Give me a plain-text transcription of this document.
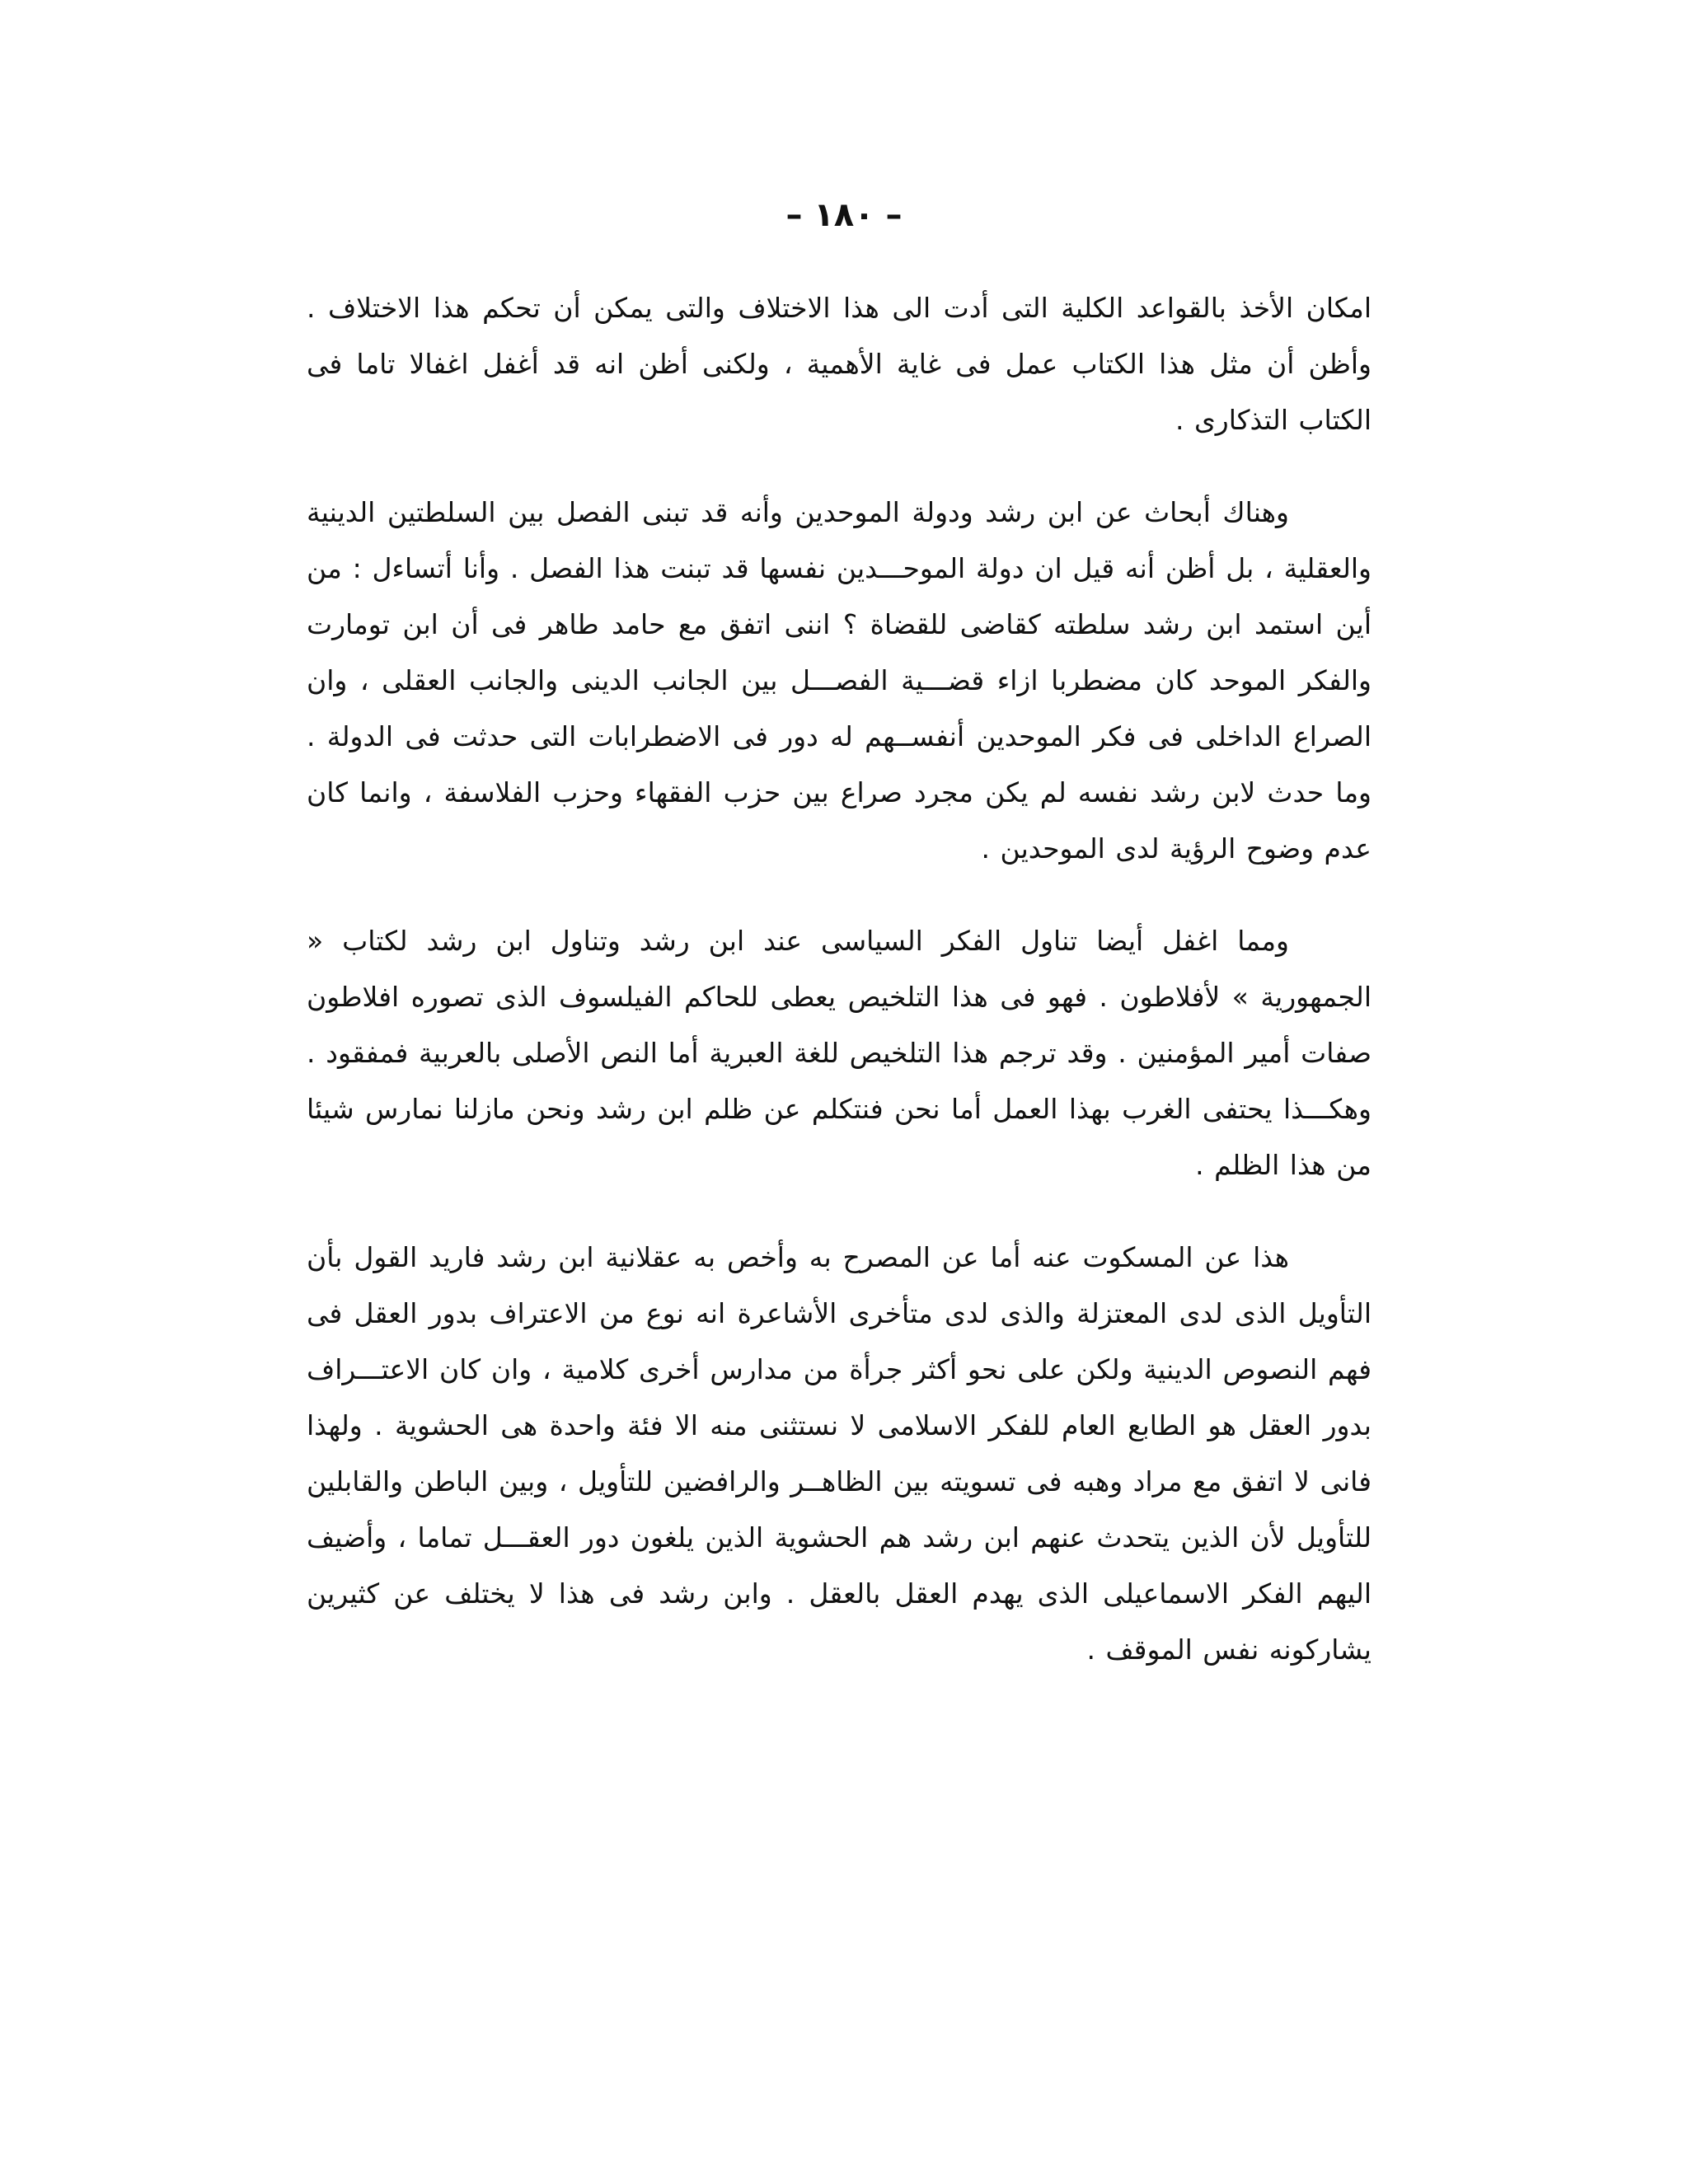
– ١٨٠ –

امكان الأخذ بالقواعد الكلية التى أدت الى هذا الاختلاف والتى يمكن أن تحكم هذا الاختلاف . وأظن أن مثل هذا الكتاب عمل فى غاية الأهمية ، ولكنى أظن انه قد أغفل اغفالا تاما فى الكتاب التذكارى .

وهناك أبحاث عن ابن رشد ودولة الموحدين وأنه قد تبنى الفصل بين السلطتين الدينية والعقلية ، بل أظن أنه قيل ان دولة الموحـــدين نفسها قد تبنت هذا الفصل . وأنا أتساءل : من أين استمد ابن رشد سلطته كقاضى للقضاة ؟ اننى اتفق مع حامد طاهر فى أن ابن تومارت والفكر الموحد كان مضطربا ازاء قضـــية الفصـــل بين الجانب الدينى والجانب العقلى ، وان الصراع الداخلى فى فكر الموحدين أنفســهم له دور فى الاضطرابات التى حدثت فى الدولة . وما حدث لابن رشد نفسه لم يكن مجرد صراع بين حزب الفقهاء وحزب الفلاسفة ، وانما كان عدم وضوح الرؤية لدى الموحدين .

ومما اغفل أيضا تناول الفكر السياسى عند ابن رشد وتناول ابن رشد لكتاب « الجمهورية » لأفلاطون . فهو فى هذا التلخيص يعطى للحاكم الفيلسوف الذى تصوره افلاطون صفات أمير المؤمنين . وقد ترجم هذا التلخيص للغة العبرية أما النص الأصلى بالعربية فمفقود . وهكـــذا يحتفى الغرب بهذا العمل أما نحن فنتكلم عن ظلم ابن رشد ونحن مازلنا نمارس شيئا من هذا الظلم .

هذا عن المسكوت عنه أما عن المصرح به وأخص به عقلانية ابن رشد فاريد القول بأن التأويل الذى لدى المعتزلة والذى لدى متأخرى الأشاعرة انه نوع من الاعتراف بدور العقل فى فهم النصوص الدينية ولكن على نحو أكثر جرأة من مدارس أخرى كلامية ، وان كان الاعتـــراف بدور العقل هو الطابع العام للفكر الاسلامى لا نستثنى منه الا فئة واحدة هى الحشوية . ولهذا فانى لا اتفق مع مراد وهبه فى تسويته بين الظاهــر والرافضين للتأويل ، وبين الباطن والقابلين للتأويل لأن الذين يتحدث عنهم ابن رشد هم الحشوية الذين يلغون دور العقـــل تماما ، وأضيف اليهم الفكر الاسماعيلى الذى يهدم العقل بالعقل . وابن رشد فى هذا لا يختلف عن كثيرين يشاركونه نفس الموقف .
